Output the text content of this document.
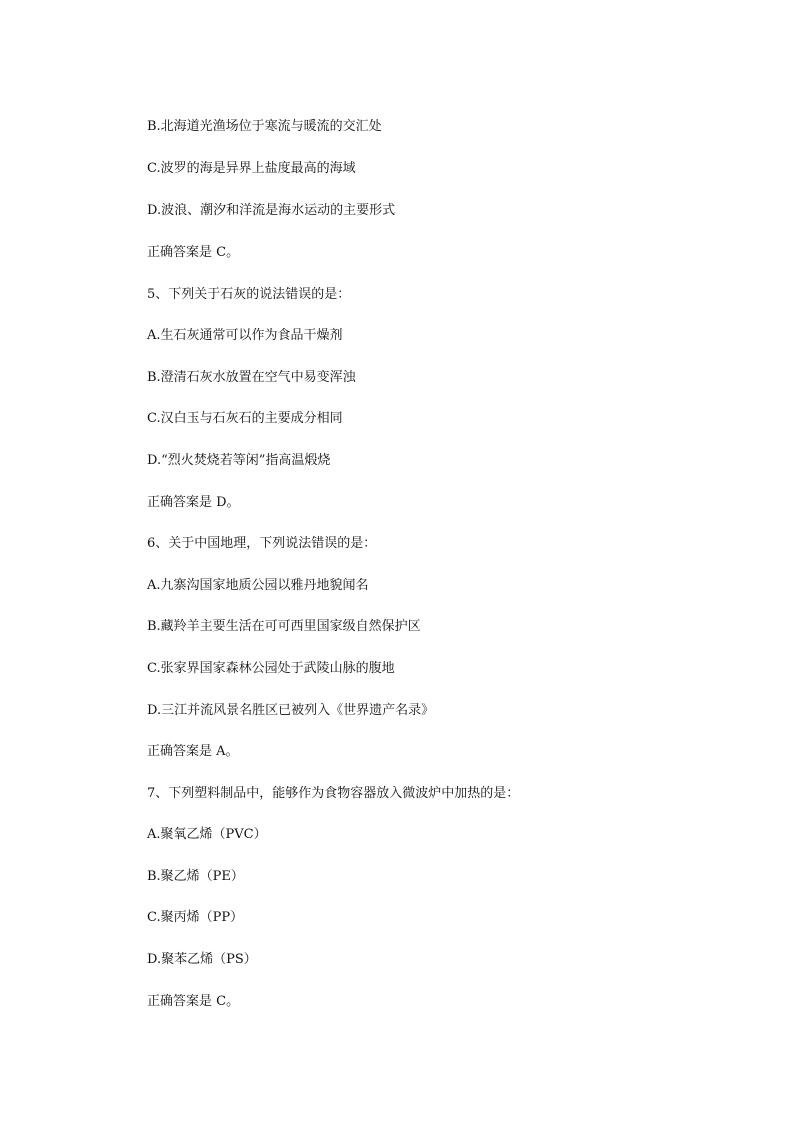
B.北海道光渔场位于寒流与暖流的交汇处

C.波罗的海是异界上盐度最高的海域

D.波浪、潮汐和洋流是海水运动的主要形式

正确答案是 C。

5、下列关于石灰的说法错误的是：

A.生石灰通常可以作为食品干燥剂

B.澄清石灰水放置在空气中易变浑浊

C.汉白玉与石灰石的主要成分相同

D.“烈火焚烧若等闲”指高温煅烧

正确答案是 D。

6、关于中国地理，下列说法错误的是：

A.九寨沟国家地质公园以雅丹地貌闻名

B.藏羚羊主要生活在可可西里国家级自然保护区

C.张家界国家森林公园处于武陵山脉的腹地

D.三江并流风景名胜区已被列入《世界遗产名录》

正确答案是 A。

7、下列塑料制品中，能够作为食物容器放入微波炉中加热的是：

A.聚氧乙烯（PVC）

B.聚乙烯（PE）

C.聚丙烯（PP）

D.聚苯乙烯（PS）

正确答案是 C。
